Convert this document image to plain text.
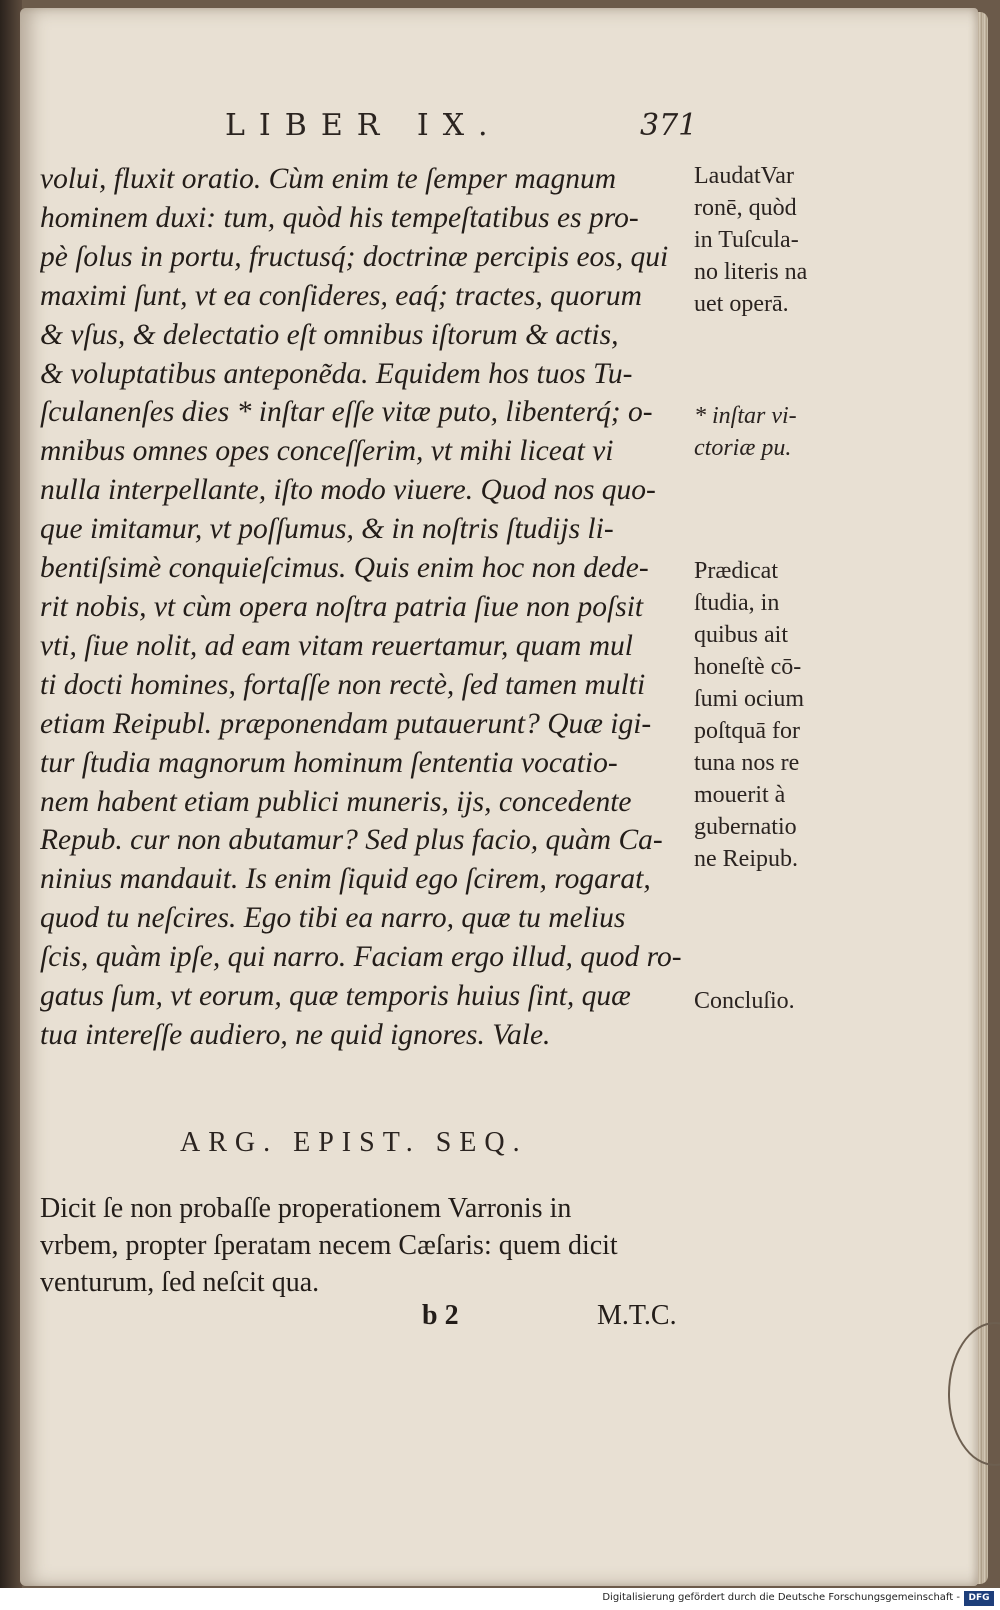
LIBER IX.	371
volui, fluxit oratio. Cùm enim te ſemper magnum
hominem duxi: tum, quòd his tempeſtatibus es pro-
pè ſolus in portu, fructusq́; doctrinæ percipis eos, qui
maximi ſunt, vt ea conſideres, eaq́; tractes, quorum
& vſus, & delectatio eſt omnibus iſtorum & actis,
& voluptatibus antepone͂da. Equidem hos tuos Tu-
ſculanenſes dies * inſtar eſſe vitæ puto, libenterq́; o-
mnibus omnes opes conceſſerim, vt mihi liceat vi
nulla interpellante, iſto modo viuere. Quod nos quo-
que imitamur, vt poſſumus, & in noſtris ſtudijs li-
bentiſsimè conquieſcimus. Quis enim hoc non dede-
rit nobis, vt cùm opera noſtra patria ſiue non poſsit
vti, ſiue nolit, ad eam vitam reuertamur, quam mul
ti docti homines, fortaſſe non rectè, ſed tamen multi
etiam Reipubl. præponendam putauerunt? Quæ igi-
tur ſtudia magnorum hominum ſententia vocatio-
nem habent etiam publici muneris, ijs, concedente
Repub. cur non abutamur? Sed plus facio, quàm Ca-
ninius mandauit. Is enim ſiquid ego ſcirem, rogarat,
quod tu neſcires. Ego tibi ea narro, quæ tu melius
ſcis, quàm ipſe, qui narro. Faciam ergo illud, quod ro-
gatus ſum, vt eorum, quæ temporis huius ſint, quæ
tua intereſſe audiero, ne quid ignores. Vale.
LaudatVar
ronē, quòd
in Tuſcula-
no literis na
uet operā.
* inſtar vi-
ctoriæ pu.
Prædicat
ſtudia, in
quibus ait
honeſtè cō-
ſumi ocium
poſtquā for
tuna nos re
mouerit à
gubernatio
ne Reipub.
Concluſio.
ARG. EPIST. SEQ.
Dicit ſe non probaſſe properationem Varronis in
vrbem, propter ſperatam necem Cæſaris: quem dicit
venturum, ſed neſcit qua.
b 2	M.T.C.
Digitalisierung gefördert durch die Deutsche Forschungsgemeinschaft - DFG
